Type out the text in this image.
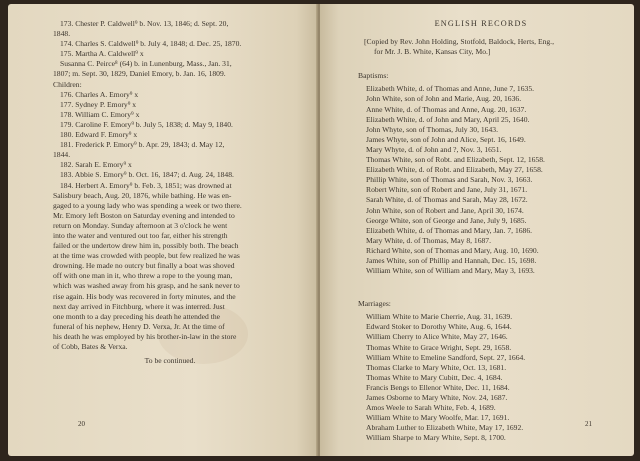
173. Chester P. Caldwell⁹ b. Nov. 13, 1846; d. Sept. 20,
1848.
174. Charles S. Caldwell⁹ b. July 4, 1848; d. Dec. 25, 1870.
175. Martha A. Caldwell⁹ x
Susanna C. Peirce⁸ (64) b. in Lunenburg, Mass., Jan. 31,
1807; m. Sept. 30, 1829, Daniel Emory, b. Jan. 16, 1809.
Children:
176. Charles A. Emory⁹ x
177. Sydney P. Emory⁹ x
178. William C. Emory⁹ x
179. Caroline F. Emory⁹ b. July 5, 1838; d. May 9, 1840.
180. Edward F. Emory⁹ x
181. Frederick P. Emory⁹ b. Apr. 29, 1843; d. May 12,
1844.
182. Sarah E. Emory⁹ x
183. Abbie S. Emory⁹ b. Oct. 16, 1847; d. Aug. 24, 1848.
184. Herbert A. Emory⁹ b. Feb. 3, 1851; was drowned at
Salisbury beach, Aug. 20, 1876, while bathing. He was en-
gaged to a young lady who was spending a week or two there.
Mr. Emory left Boston on Saturday evening and intended to
return on Monday. Sunday afternoon at 3 o'clock he went
into the water and ventured out too far, either his strength
failed or the undertow drew him in, possibly both. The beach
at the time was crowded with people, but few realized he was
drowning. He made no outcry but finally a boat was shoved
off with one man in it, who threw a rope to the young man,
which was washed away from his grasp, and he sank never to
rise again. His body was recovered in forty minutes, and the
next day arrived in Fitchburg, where it was interred. Just
one month to a day preceding his death he attended the
funeral of his nephew, Henry D. Verxa, Jr. At the time of
his death he was employed by his brother-in-law in the store
of Cobb, Bates & Verxa.
To be continued.
20
ENGLISH RECORDS
[Copied by Rev. John Holding, Stotfold, Baldock, Herts, Eng.,
for Mr. J. B. White, Kansas City, Mo.]
Baptisms:
Elizabeth White, d. of Thomas and Anne, June 7, 1635.
John White, son of John and Marie, Aug. 20, 1636.
Anne White, d. of Thomas and Anne, Aug. 20, 1637.
Elizabeth White, d. of John and Mary, April 25, 1640.
John Whyte, son of Thomas, July 30, 1643.
James Whyte, son of John and Alice, Sept. 16, 1649.
Mary Whyte, d. of John and ?, Nov. 3, 1651.
Thomas White, son of Robt. and Elizabeth, Sept. 12, 1658.
Elizabeth White, d. of Robt. and Elizabeth, May 27, 1658.
Phillip White, son of Thomas and Sarah, Nov. 3, 1663.
Robert White, son of Robert and Jane, July 31, 1671.
Sarah White, d. of Thomas and Sarah, May 28, 1672.
John White, son of Robert and Jane, April 30, 1674.
George White, son of George and Jane, July 9, 1685.
Elizabeth White, d. of Thomas and Mary, Jan. 7, 1686.
Mary White, d. of Thomas, May 8, 1687.
Richard White, son of Thomas and Mary, Aug. 10, 1690.
James White, son of Phillip and Hannah, Dec. 15, 1698.
William White, son of William and Mary, May 3, 1693.
Marriages:
William White to Marie Cherrie, Aug. 31, 1639.
Edward Stoker to Dorothy White, Aug. 6, 1644.
William Cherry to Alice White, May 27, 1646.
Thomas White to Grace Wright, Sept. 29, 1658.
William White to Emeline Sandford, Sept. 27, 1664.
Thomas Clarke to Mary White, Oct. 13, 1681.
Thomas White to Mary Cubitt, Dec. 4, 1684.
Francis Bengs to Ellenor White, Dec. 11, 1684.
James Osborne to Mary White, Nov. 24, 1687.
Amos Weele to Sarah White, Feb. 4, 1689.
William White to Mary Woolfe, Mar. 17, 1691.
Abraham Luther to Elizabeth White, May 17, 1692.
William Sharpe to Mary White, Sept. 8, 1700.
21
